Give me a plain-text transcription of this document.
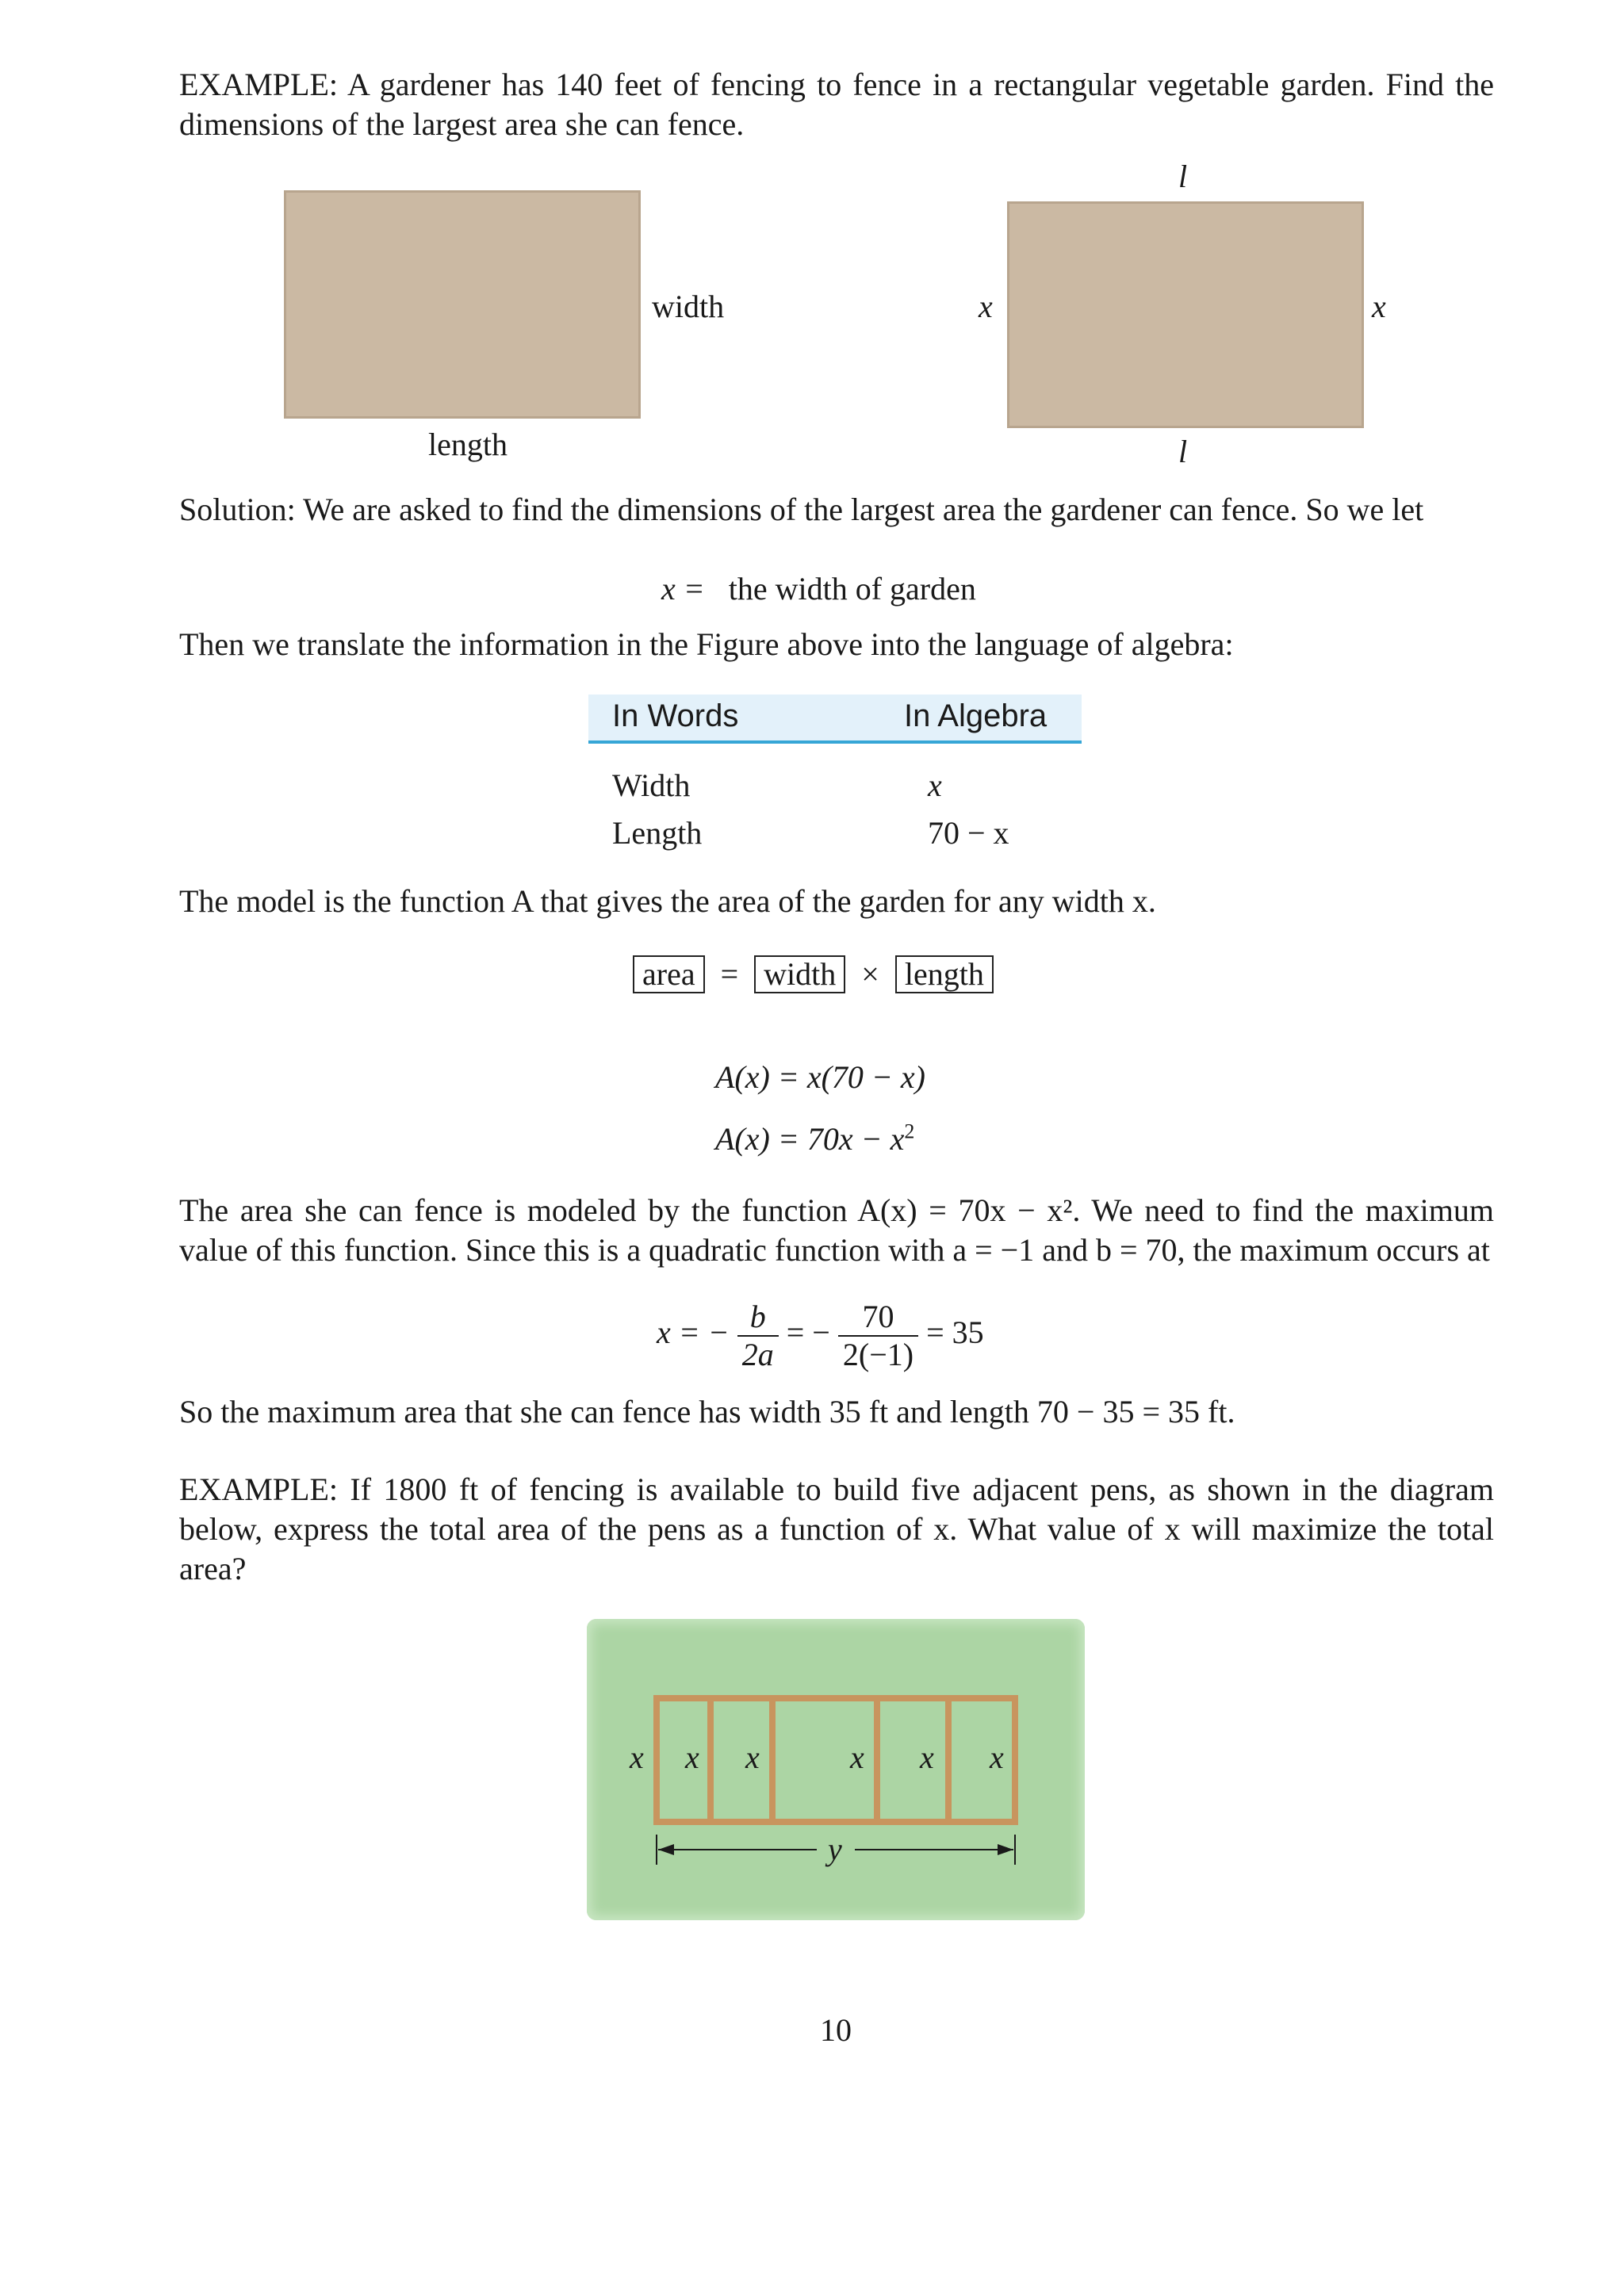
EXAMPLE: A gardener has 140 feet of fencing to fence in a rectangular vegetable garden. Find the dimensions of the largest area she can fence.
width
length
l
l
x	x
Solution: We are asked to find the dimensions of the largest area the gardener can fence. So we let
x = the width of garden
Then we translate the information in the Figure above into the language of algebra:
In Words	In Algebra
Width	x
Length	70 − x
The model is the function A that gives the area of the garden for any width x.
area = width × length
A(x) = x(70 − x)
$A(x) = 70x - x^2$
The area she can fence is modeled by the function A(x) = 70x − x². We need to find the maximum value of this function. Since this is a quadratic function with a = −1 and b = 70, the maximum occurs at
x = − $\frac{b}{2a}$ = − $\frac{70}{2(-1)} = 35$
So the maximum area that she can fence has width 35 ft and length 70 − 35 = 35 ft.
EXAMPLE: If 1800 ft of fencing is available to build five adjacent pens, as shown in the diagram below, express the total area of the pens as a function of x. What value of x will maximize the total area?
x x x	x x x
y
10
